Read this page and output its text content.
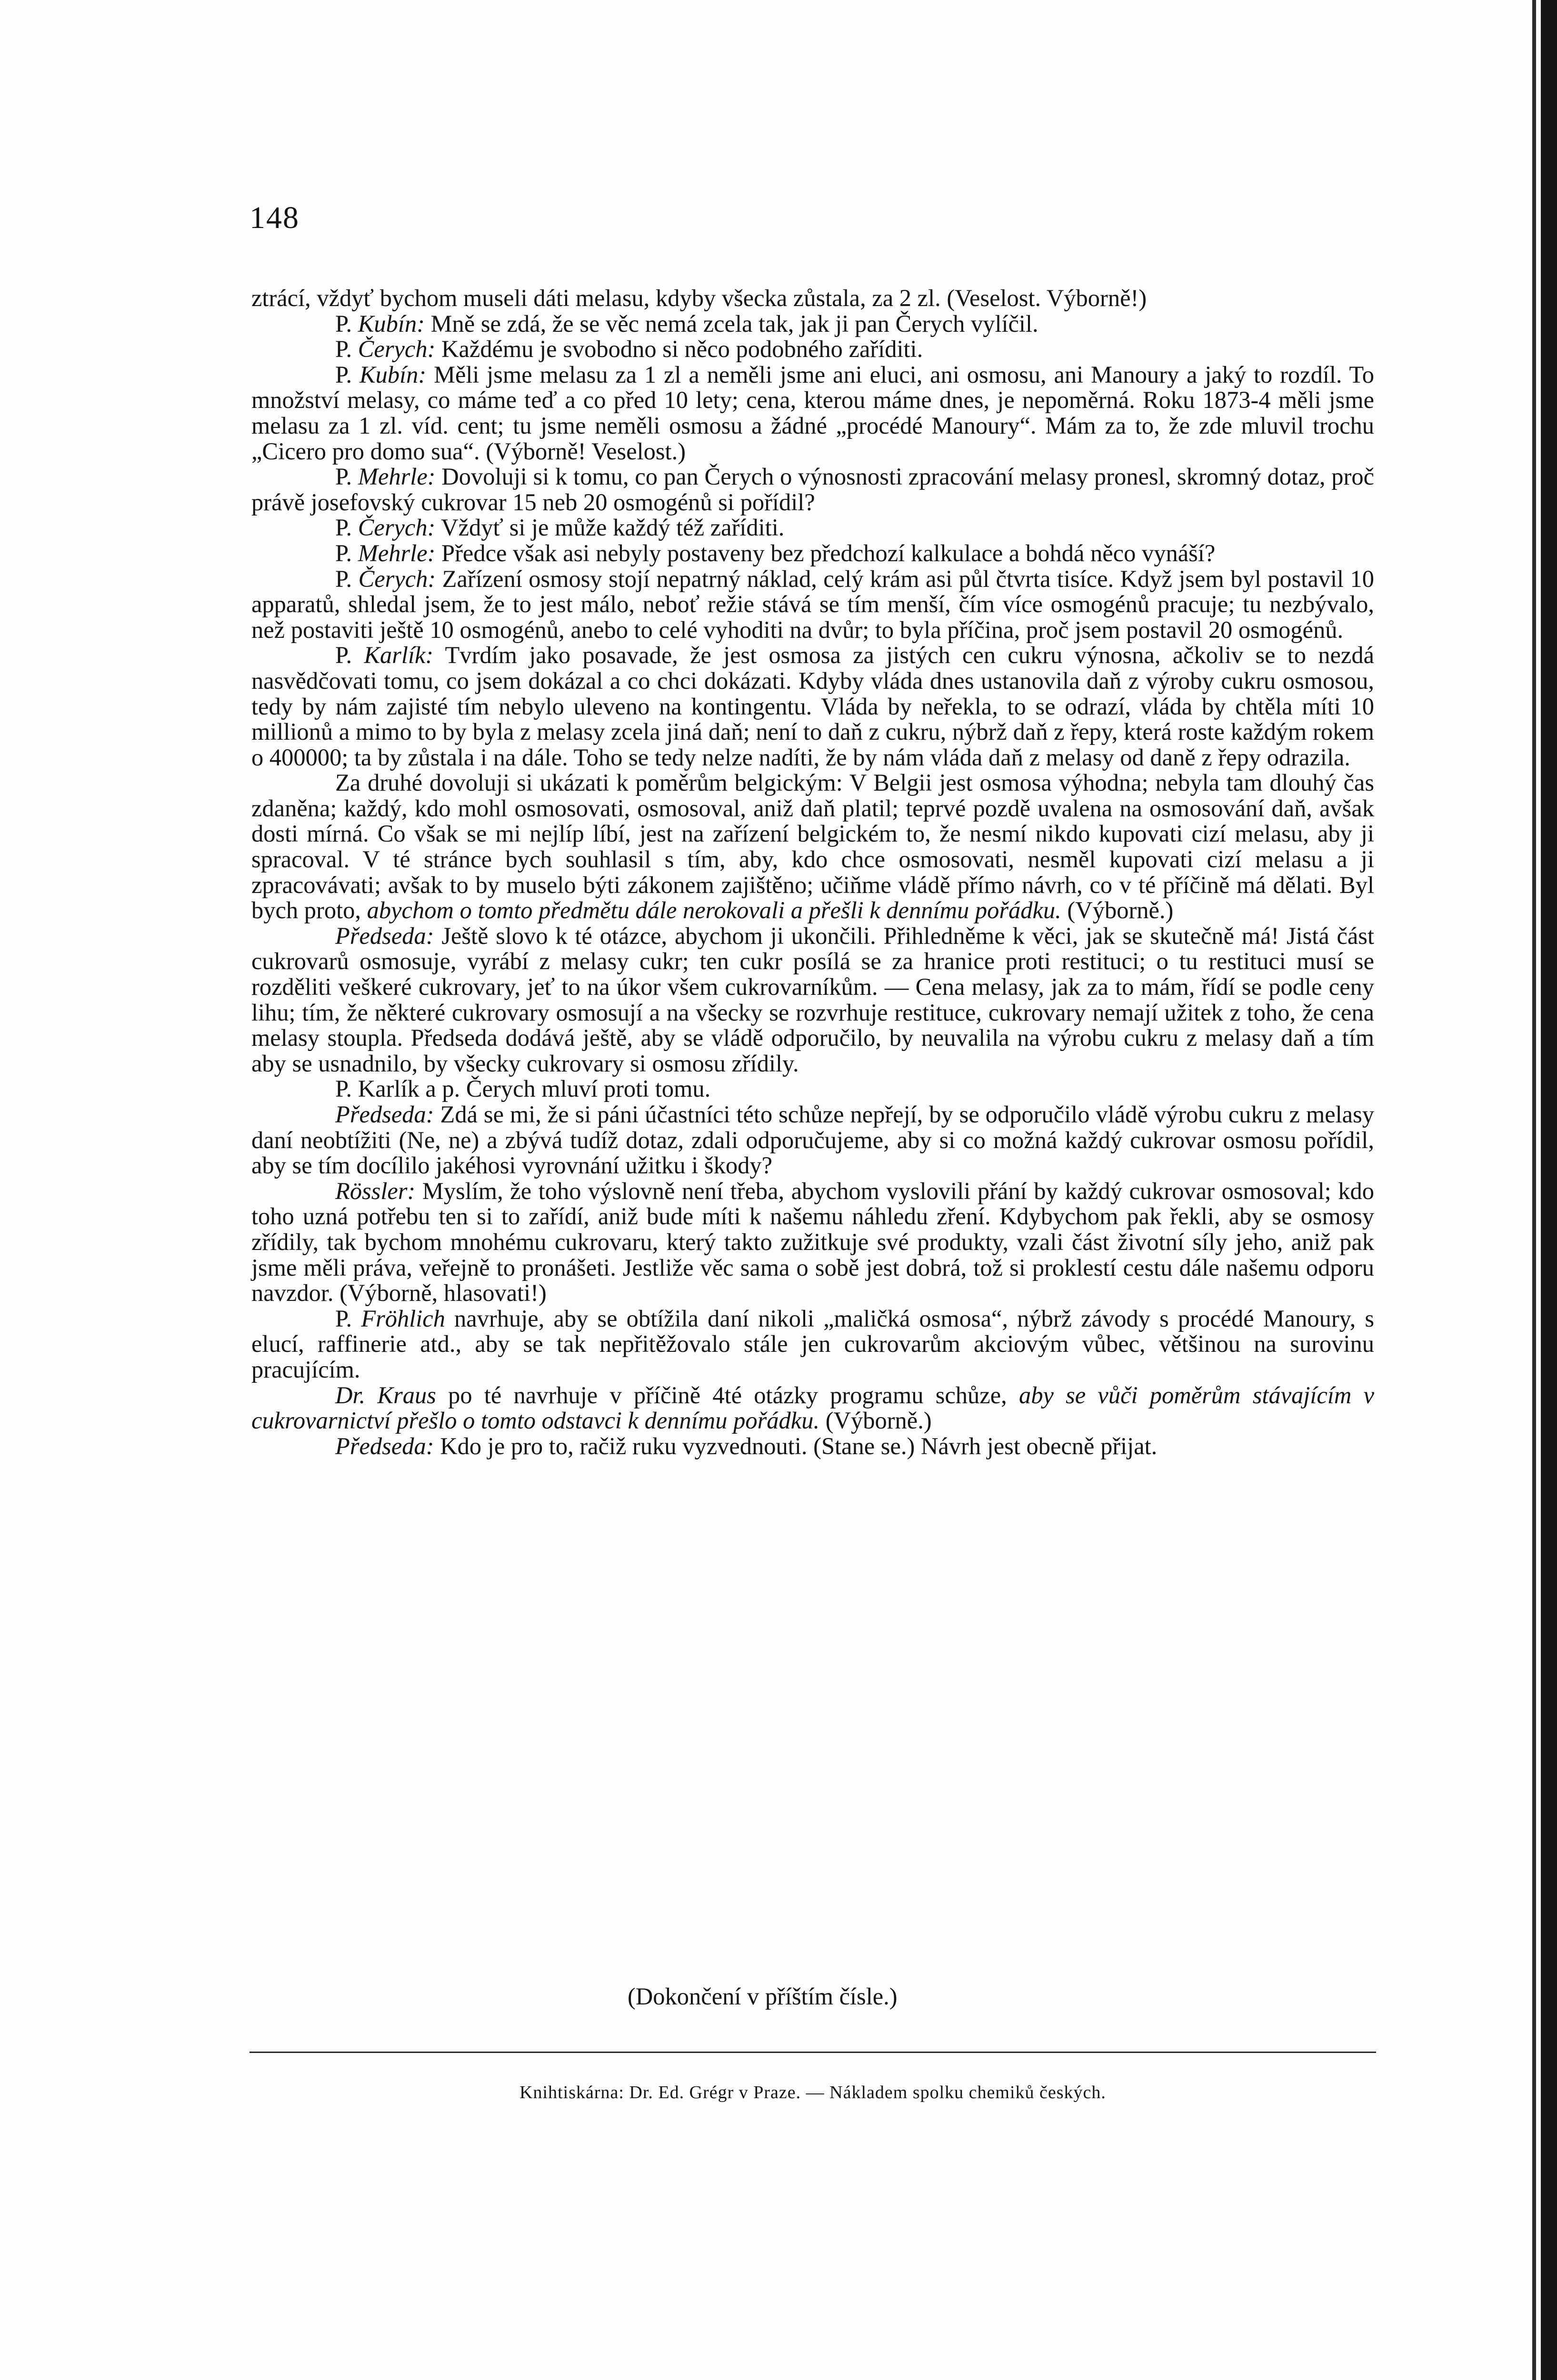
148

ztrácí, vždyť bychom museli dáti melasu, kdyby všecka zůstala, za 2 zl. (Veselost. Výborně!)

P. Kubín: Mně se zdá, že se věc nemá zcela tak, jak ji pan Čerych vylíčil.

P. Čerych: Každému je svobodno si něco podobného zaříditi.

P. Kubín: Měli jsme melasu za 1 zl a neměli jsme ani eluci, ani osmosu, ani Manoury a jaký to rozdíl. To množství melasy, co máme teď a co před 10 lety; cena, kterou máme dnes, je nepoměrná. Roku 1873-4 měli jsme melasu za 1 zl. víd. cent; tu jsme neměli osmosu a žádné „procédé Manoury“. Mám za to, že zde mluvil trochu „Cicero pro domo sua“. (Výborně! Veselost.)

P. Mehrle: Dovoluji si k tomu, co pan Čerych o výnosnosti zpracování melasy pronesl, skromný dotaz, proč právě josefovský cukrovar 15 neb 20 osmogénů si pořídil?

P. Čerych: Vždyť si je může každý též zaříditi.

P. Mehrle: Předce však asi nebyly postaveny bez předchozí kalkulace a bohdá něco vynáší?

P. Čerych: Zařízení osmosy stojí nepatrný náklad, celý krám asi půl čtvrta tisíce. Když jsem byl postavil 10 apparatů, shledal jsem, že to jest málo, neboť režie stává se tím menší, čím více osmogénů pracuje; tu nezbývalo, než postaviti ještě 10 osmogénů, anebo to celé vyhoditi na dvůr; to byla příčina, proč jsem postavil 20 osmogénů.

P. Karlík: Tvrdím jako posavade, že jest osmosa za jistých cen cukru výnosna, ačkoliv se to nezdá nasvědčovati tomu, co jsem dokázal a co chci dokázati. Kdyby vláda dnes ustanovila daň z výroby cukru osmosou, tedy by nám zajisté tím nebylo uleveno na kontingentu. Vláda by neřekla, to se odrazí, vláda by chtěla míti 10 millionů a mimo to by byla z melasy zcela jiná daň; není to daň z cukru, nýbrž daň z řepy, která roste každým rokem o 400000; ta by zůstala i na dále. Toho se tedy nelze nadíti, že by nám vláda daň z melasy od daně z řepy odrazila.

Za druhé dovoluji si ukázati k poměrům belgickým: V Belgii jest osmosa výhodna; nebyla tam dlouhý čas zdaněna; každý, kdo mohl osmosovati, osmosoval, aniž daň platil; teprvé pozdě uvalena na osmosování daň, avšak dosti mírná. Co však se mi nejlíp líbí, jest na zařízení belgickém to, že nesmí nikdo kupovati cizí melasu, aby ji spracoval. V té stránce bych souhlasil s tím, aby, kdo chce osmosovati, nesměl kupovati cizí melasu a ji zpracovávati; avšak to by muselo býti zákonem zajištěno; učiňme vládě přímo návrh, co v té příčině má dělati. Byl bych proto, abychom o tomto předmětu dále nerokovali a přešli k dennímu pořádku. (Výborně.)

Předseda: Ještě slovo k té otázce, abychom ji ukončili. Přihledněme k věci, jak se skutečně má! Jistá část cukrovarů osmosuje, vyrábí z melasy cukr; ten cukr posílá se za hranice proti restituci; o tu restituci musí se rozděliti veškeré cukrovary, jeť to na úkor všem cukrovarníkům. — Cena melasy, jak za to mám, řídí se podle ceny lihu; tím, že některé cukrovary osmosují a na všecky se rozvrhuje restituce, cukrovary nemají užitek z toho, že cena melasy stoupla. Předseda dodává ještě, aby se vládě odporučilo, by neuvalila na výrobu cukru z melasy daň a tím aby se usnadnilo, by všecky cukrovary si osmosu zřídily.

P. Karlík a p. Čerych mluví proti tomu.

Předseda: Zdá se mi, že si páni účastníci této schůze nepřejí, by se odporučilo vládě výrobu cukru z melasy daní neobtížiti (Ne, ne) a zbývá tudíž dotaz, zdali odporučujeme, aby si co možná každý cukrovar osmosu pořídil, aby se tím docílilo jakéhosi vyrovnání užitku i škody?

Rössler: Myslím, že toho výslovně není třeba, abychom vyslovili přání by každý cukrovar osmosoval; kdo toho uzná potřebu ten si to zařídí, aniž bude míti k našemu náhledu zření. Kdybychom pak řekli, aby se osmosy zřídily, tak bychom mnohému cukrovaru, který takto zužitkuje své produkty, vzali část životní síly jeho, aniž pak jsme měli práva, veřejně to pronášeti. Jestliže věc sama o sobě jest dobrá, tož si proklestí cestu dále našemu odporu navzdor. (Výborně, hlasovati!)

P. Fröhlich navrhuje, aby se obtížila daní nikoli „maličká osmosa“, nýbrž závody s procédé Manoury, s elucí, raffinerie atd., aby se tak nepřitěžovalo stále jen cukrovarům akciovým vůbec, většinou na surovinu pracujícím.

Dr. Kraus po té navrhuje v příčině 4té otázky programu schůze, aby se vůči poměrům stávajícím v cukrovarnictví přešlo o tomto odstavci k dennímu pořádku. (Výborně.)

Předseda: Kdo je pro to, račiž ruku vyzvednouti. (Stane se.) Návrh jest obecně přijat.

(Dokončení v příštím čísle.)
Knihtiskárna: Dr. Ed. Grégr v Praze. — Nákladem spolku chemiků českých.
